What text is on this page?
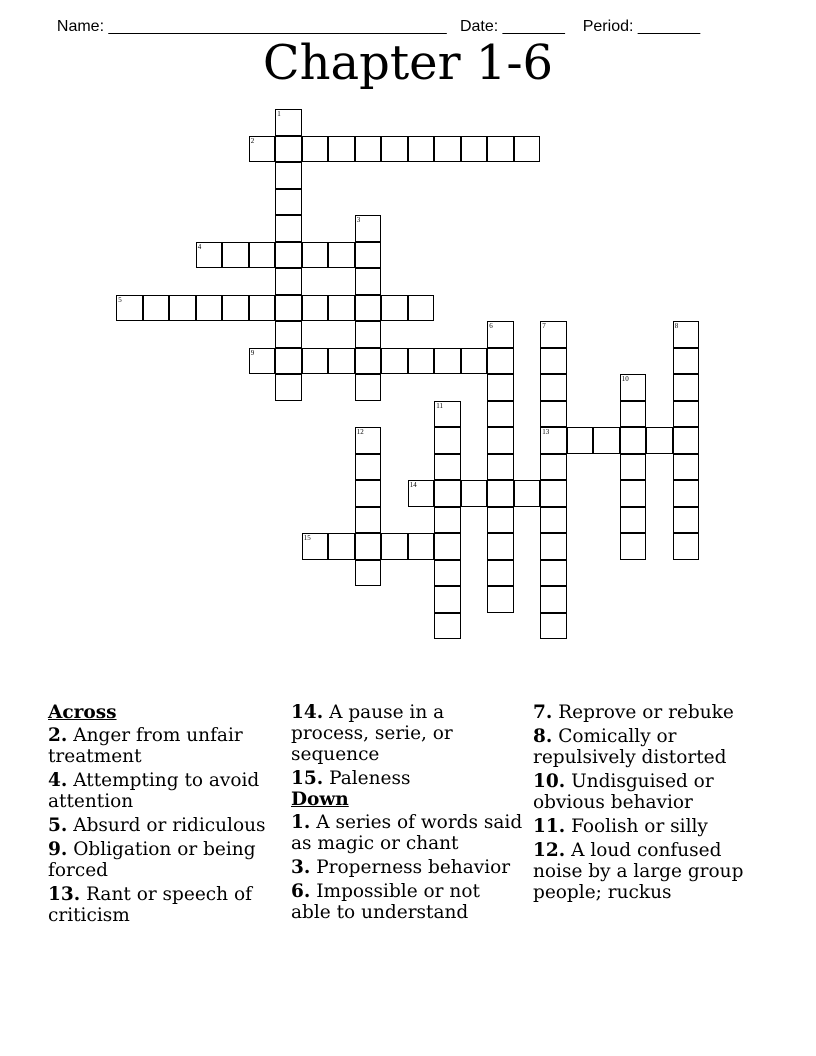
Name: ______________________________________ Date: _______ Period: _______

Chapter 1-6
1
2
3
4
5
6	7
13
8
9
10
11
12
14
15
Across
2. Anger from unfair treatment
4. Attempting to avoid attention
5. Absurd or ridiculous
9. Obligation or being forced
13. Rant or speech of criticism
14. A pause in a process, serie, or sequence
15. Paleness
Down
1. A series of words said as magic or chant
3. Properness behavior
6. Impossible or not able to understand
7. Reprove or rebuke
8. Comically or repulsively distorted
10. Undisguised or obvious behavior
11. Foolish or silly
12. A loud confused noise by a large group people; ruckus
